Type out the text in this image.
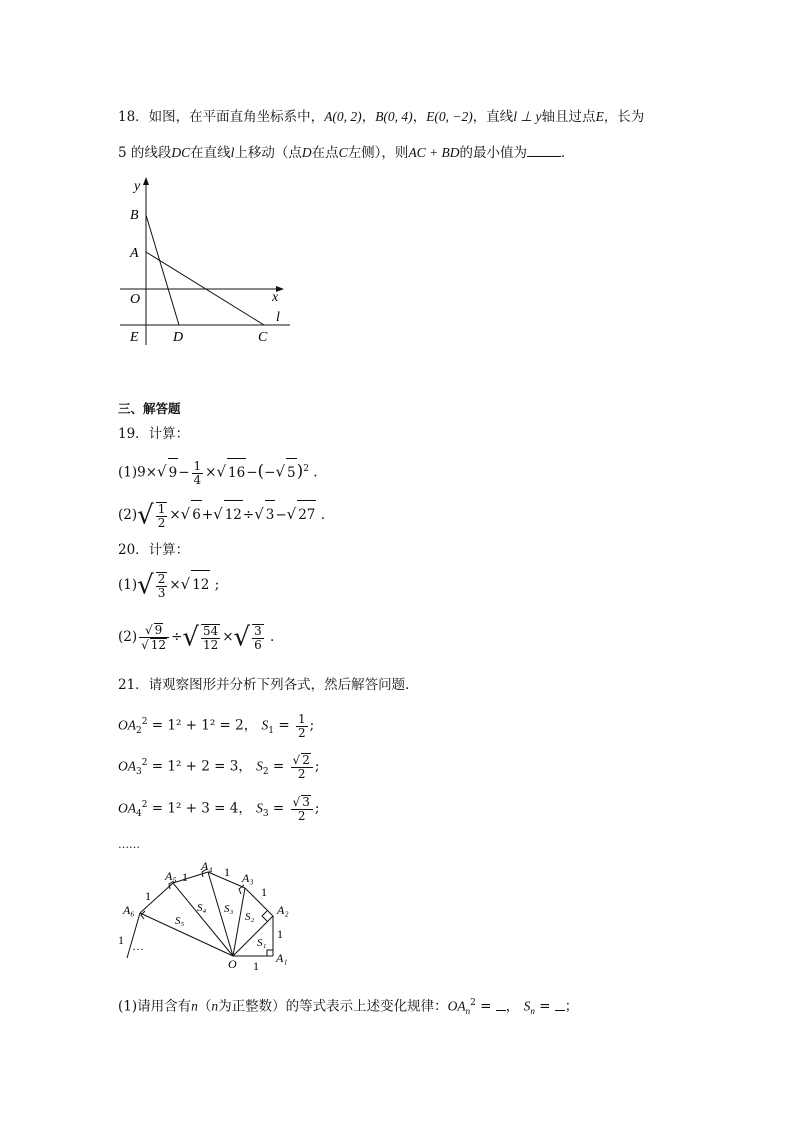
18．如图，在平面直角坐标系中，A(0, 2)，B(0, 4)，E(0, −2)，直线l ⊥ y轴且过点E，长为
5 的线段DC在直线l上移动（点D在点C左侧），则AC + BD的最小值为	．
y
x
B
A
O
E D	C
l
三、解答题
19．计算：
(1)9×√ $9- \frac{1}{4}$ ×√ 16−(−√ 5)$^2$ .
$(2)√ \frac{1}{2}$ ×√ 6+√ 12÷√ 3−√ 27 .
20．计算：
$(1)√ \frac{2}{3}$ ×√ 12 ;
$(2) \frac{√ 9}{√ 12}$ ÷√ $\frac{54}{12}$ ×√ $\frac{3}{6}$ .
21．请观察图形并分析下列各式，然后解答问题．
$OA_2^2 = 1^2 + 1^2 = 2$， $S_1 = \frac{1}{2}$ ;
$OA_3^2 = 1^2 + 2 = 3$， $S_2 = \frac{√ 2}{2}$ ;
$OA_4^2 = 1^2 + 3 = 4$， $S_3 = \frac{√ 3}{2}$ ;
……
A₁
A₂
A₃
A₄
A₅
A₆
O
S₁
S₂
S₃
S₄
S₅
1
1
1
1
1
1
1 …
(1)请用含有n（n为正整数）的等式表示上述变化规律：$OA_n^2$ = ， $S_n$ = ；
